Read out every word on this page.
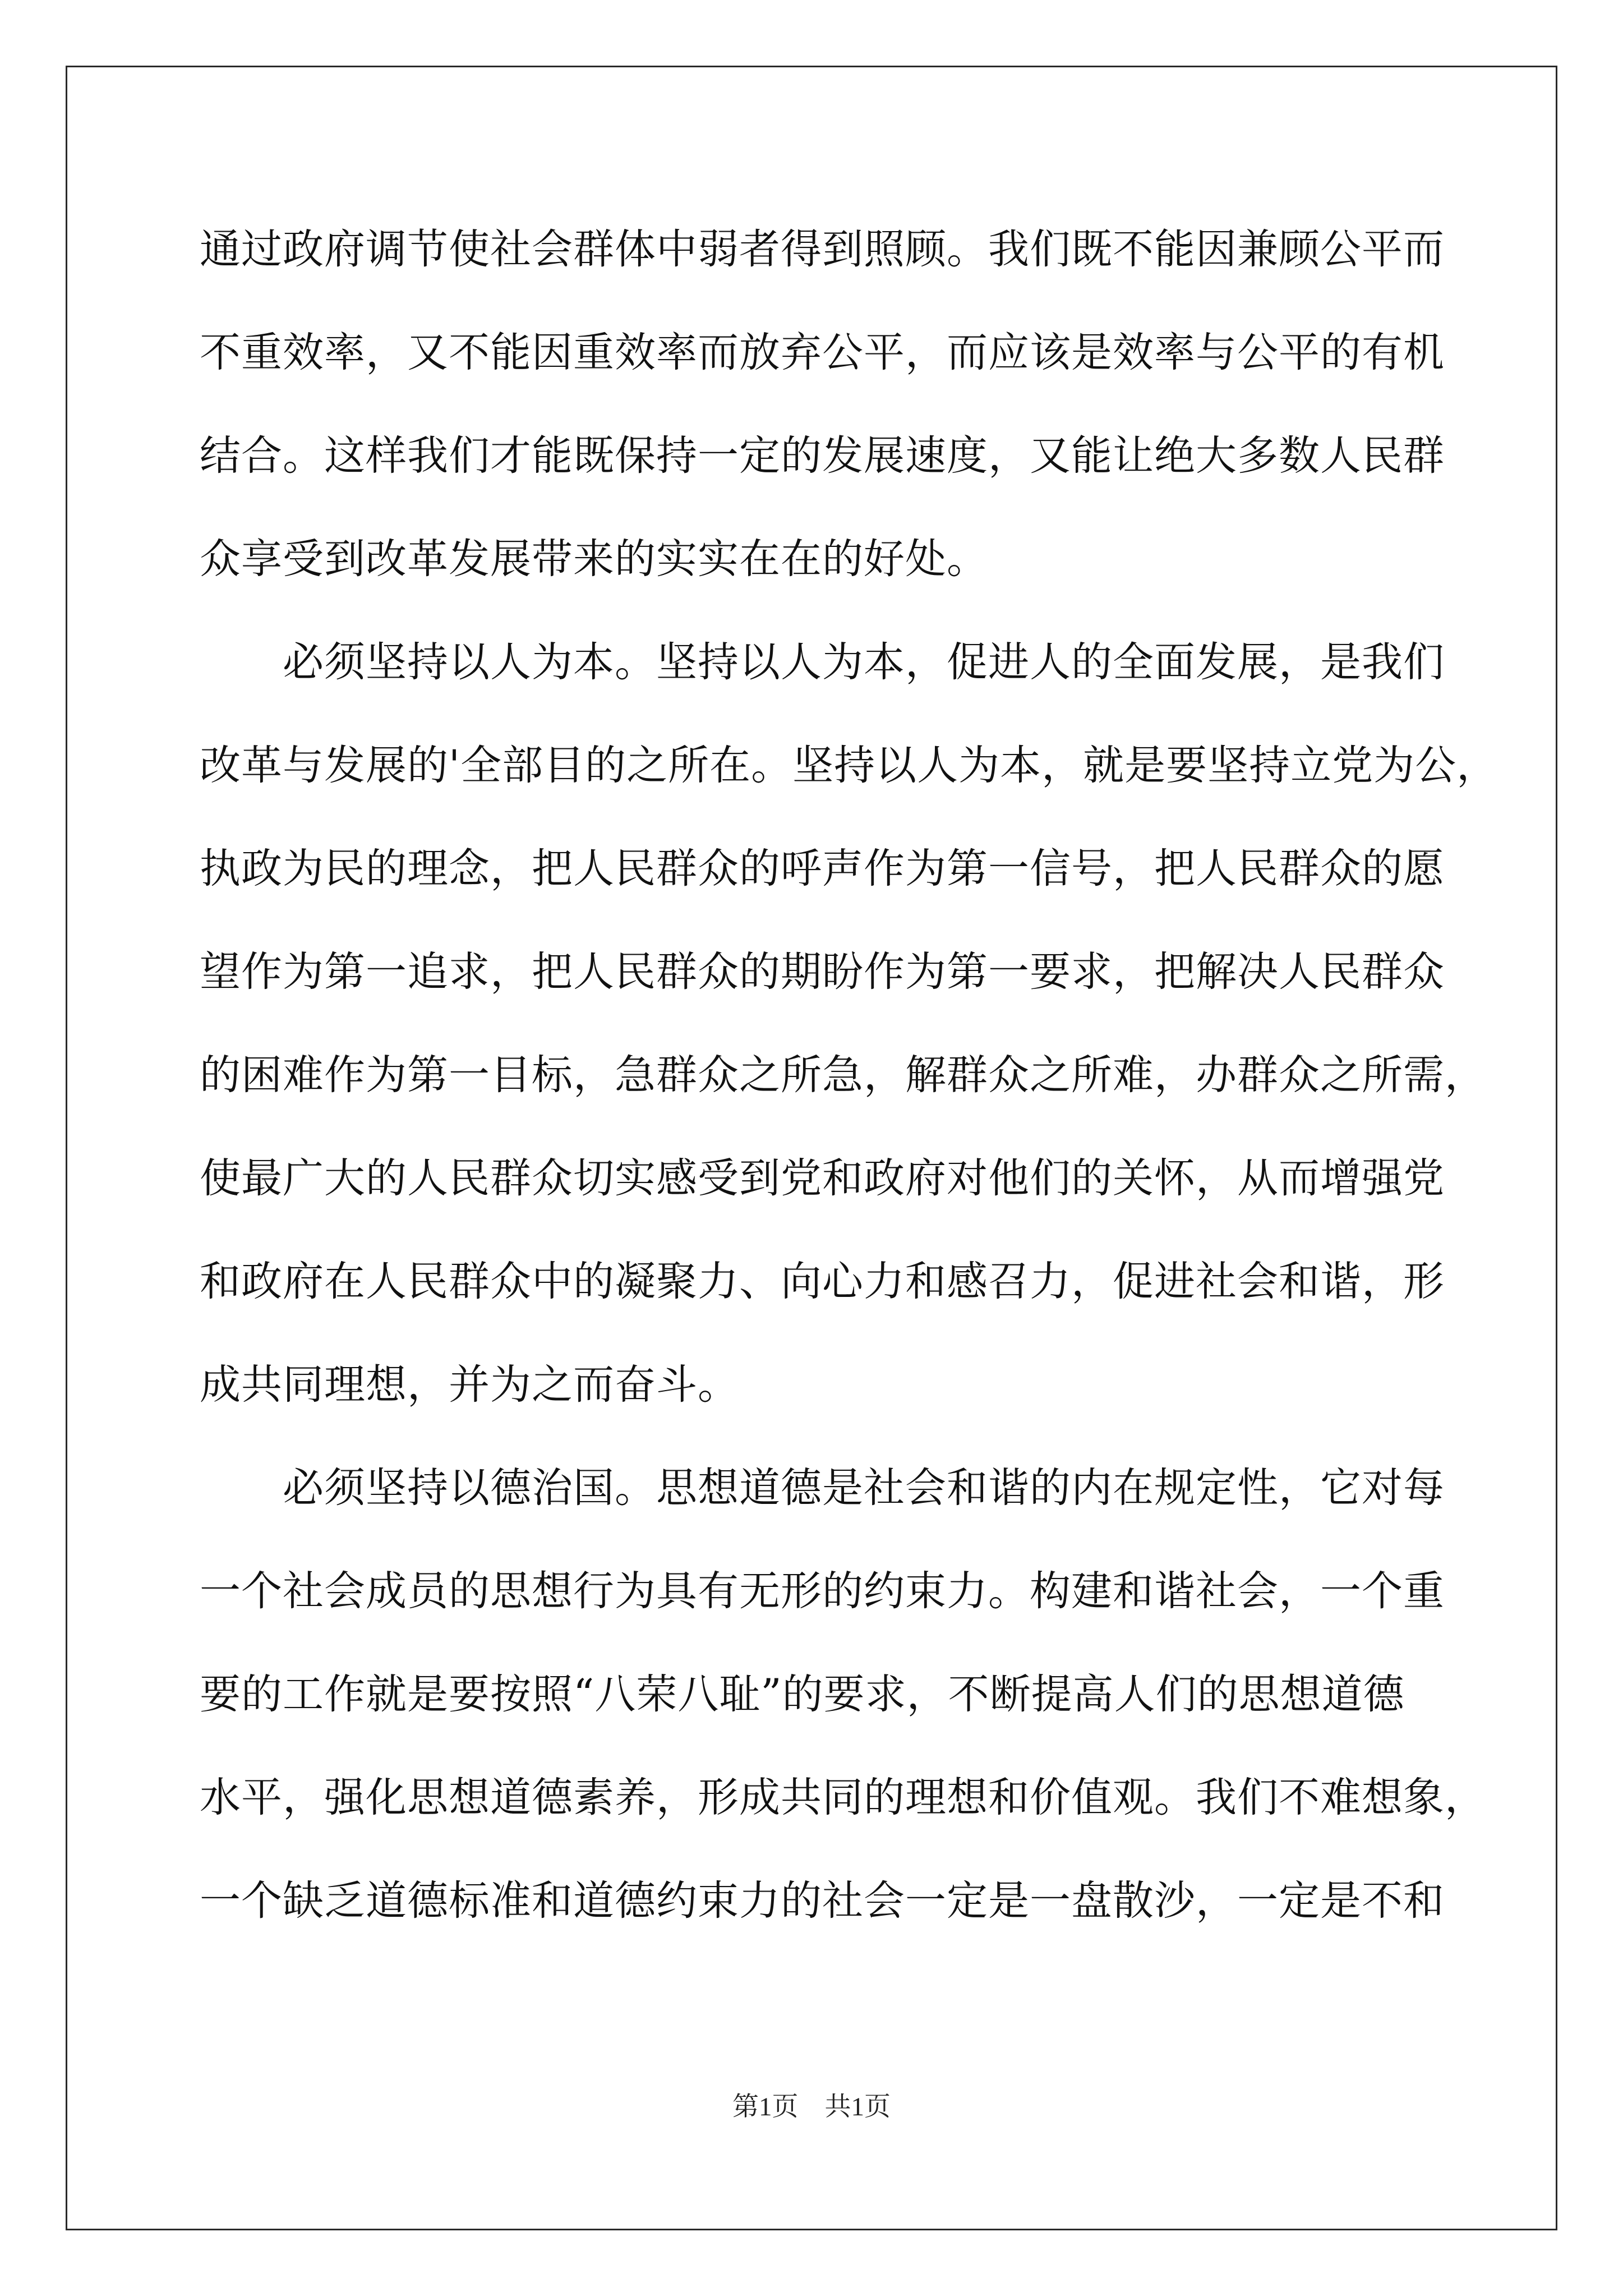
通过政府调节使社会群体中弱者得到照顾。我们既不能因兼顾公平而
不重效率，又不能因重效率而放弃公平，而应该是效率与公平的有机
结合。这样我们才能既保持一定的发展速度，又能让绝大多数人民群
众享受到改革发展带来的实实在在的好处。
　　必须坚持以人为本。坚持以人为本，促进人的全面发展，是我们
改革与发展的'全部目的之所在。坚持以人为本，就是要坚持立党为公，
执政为民的理念，把人民群众的呼声作为第一信号，把人民群众的愿
望作为第一追求，把人民群众的期盼作为第一要求，把解决人民群众
的困难作为第一目标，急群众之所急，解群众之所难，办群众之所需，
使最广大的人民群众切实感受到党和政府对他们的关怀，从而增强党
和政府在人民群众中的凝聚力、向心力和感召力，促进社会和谐，形
成共同理想，并为之而奋斗。
　　必须坚持以德治国。思想道德是社会和谐的内在规定性，它对每
一个社会成员的思想行为具有无形的约束力。构建和谐社会，一个重
要的工作就是要按照“八荣八耻”的要求，不断提高人们的思想道德
水平，强化思想道德素养，形成共同的理想和价值观。我们不难想象，
一个缺乏道德标准和道德约束力的社会一定是一盘散沙，一定是不和
第1页　共1页
